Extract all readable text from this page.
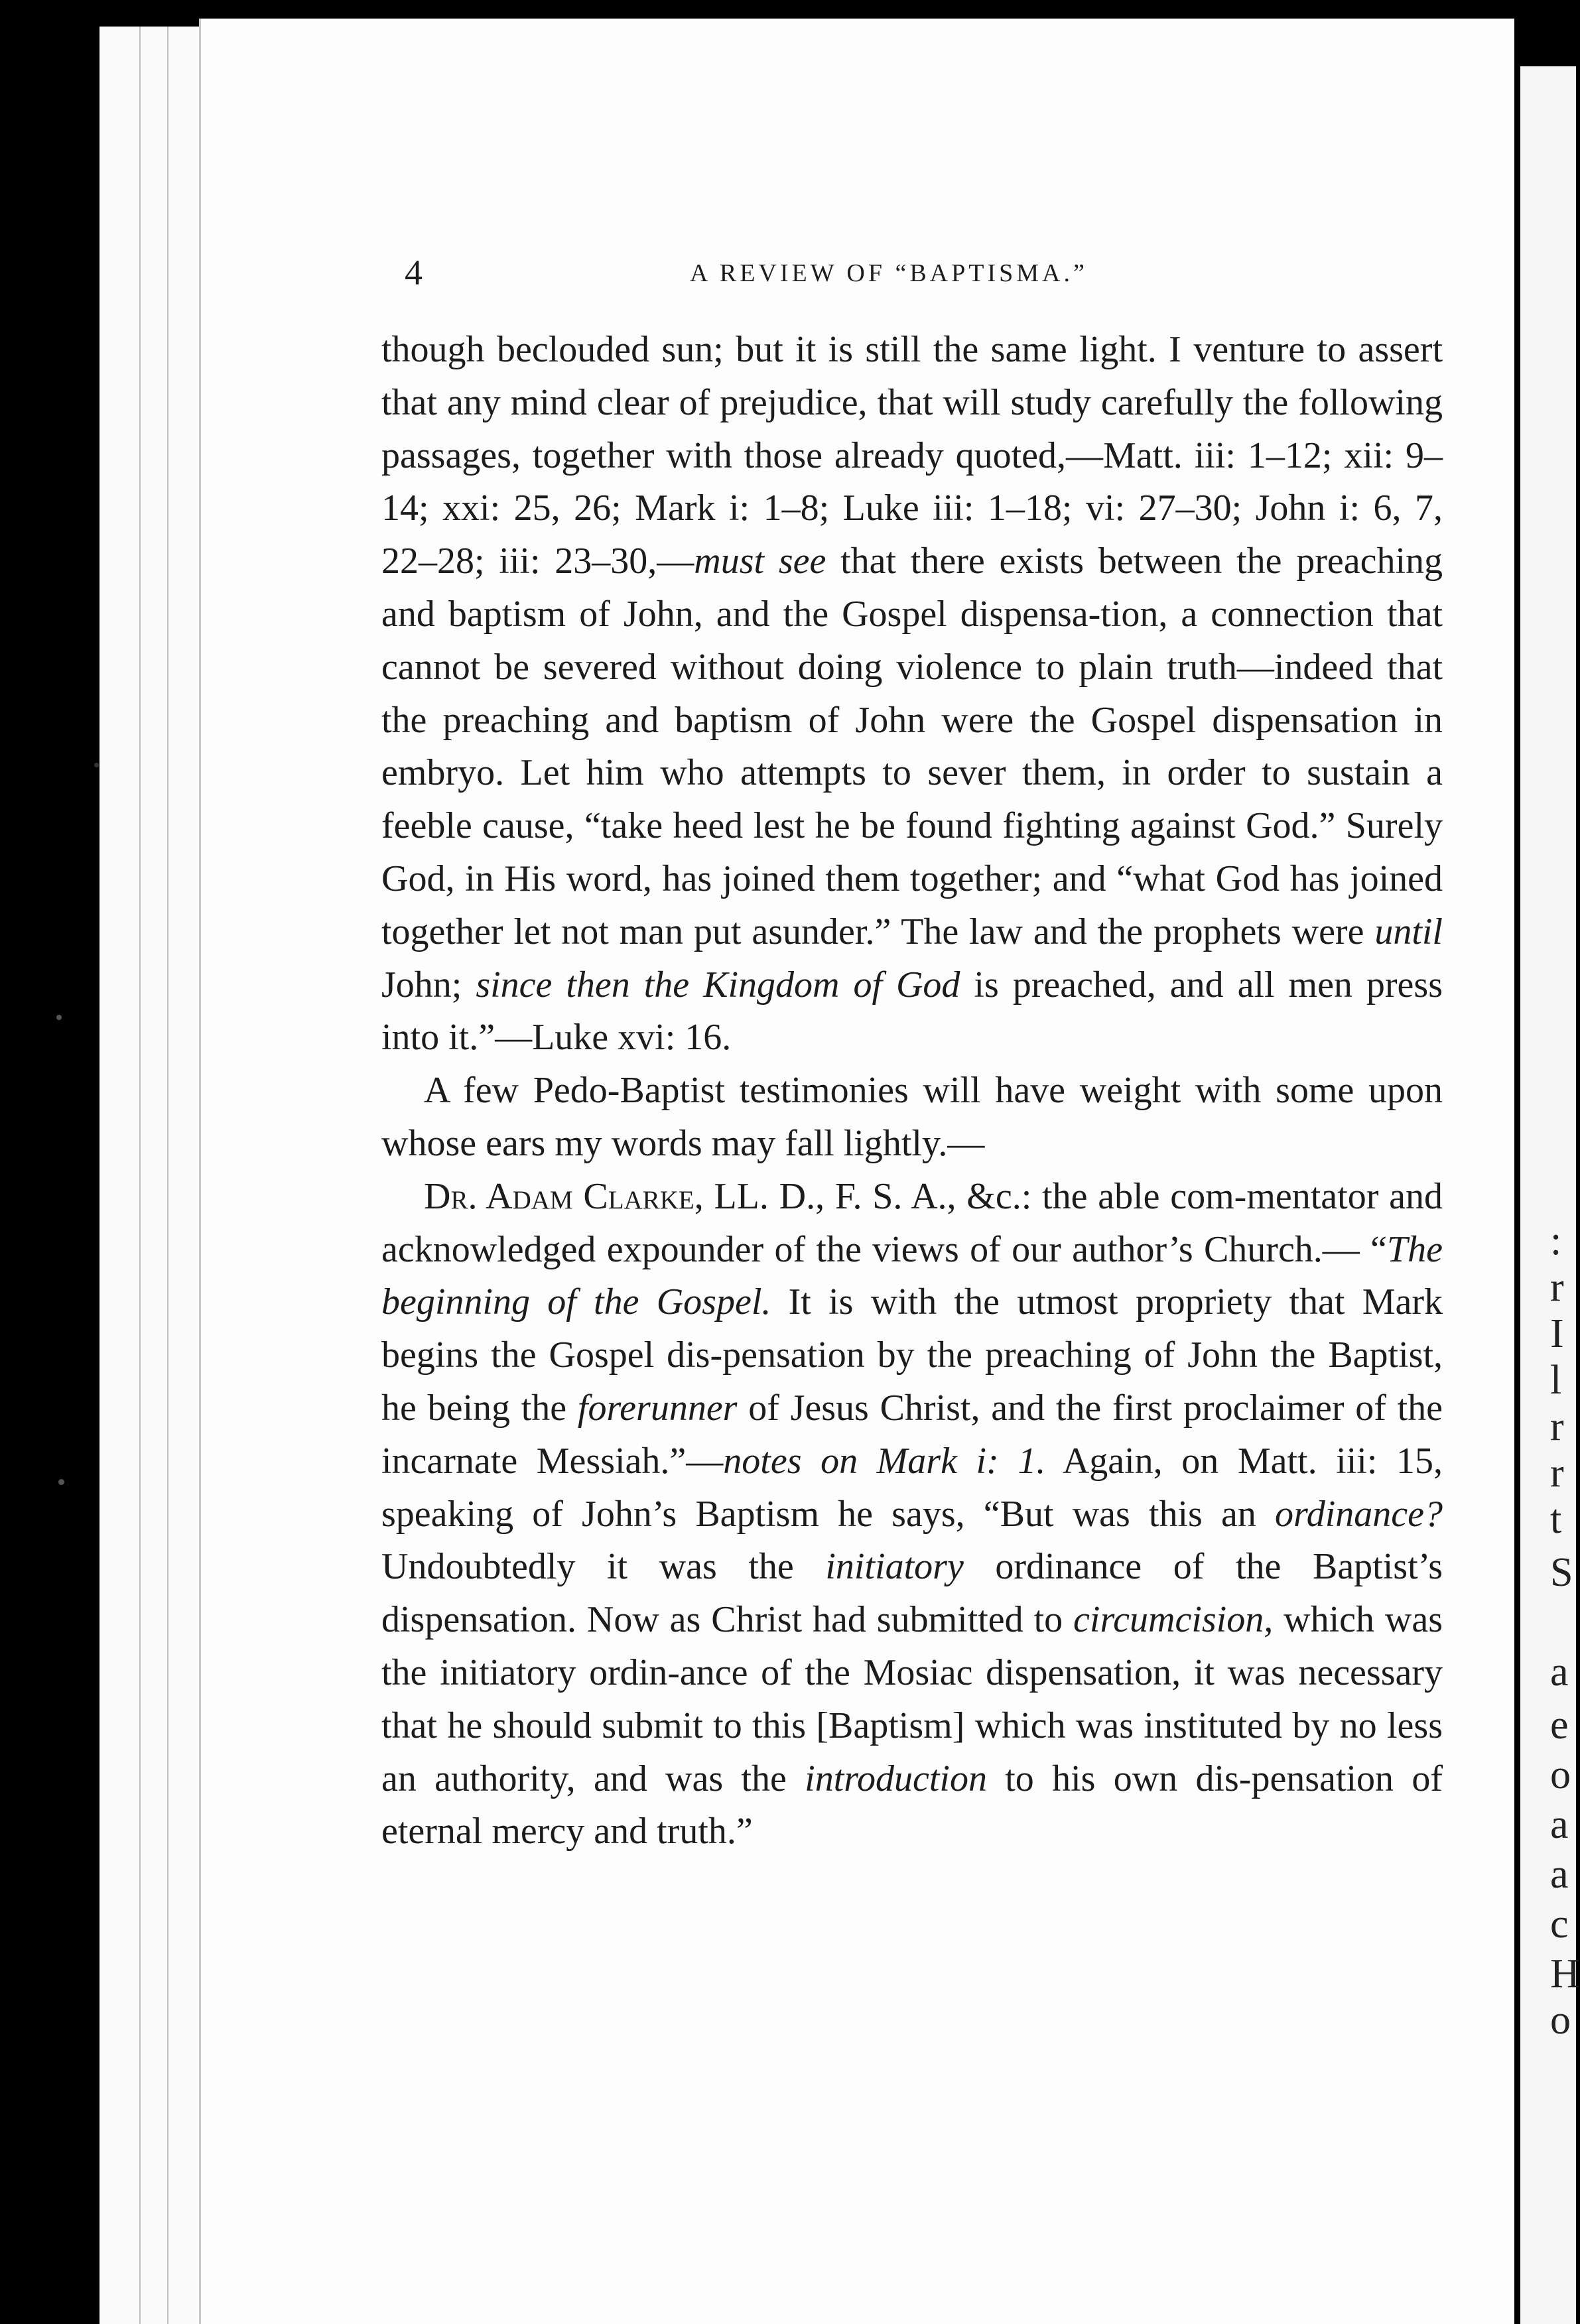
4	A REVIEW OF “BAPTISMA.”

though beclouded sun; but it is still the same light. I venture to assert that any mind clear of prejudice, that will study carefully the following passages, together with those already quoted,—Matt. iii: 1–12; xii: 9–14; xxi: 25, 26; Mark i: 1–8; Luke iii: 1–18; vi: 27–30; John i: 6, 7, 22–28; iii: 23–30,—must see that there exists between the preaching and baptism of John, and the Gospel dispensa-tion, a connection that cannot be severed without doing violence to plain truth—indeed that the preaching and baptism of John were the Gospel dispensation in embryo. Let him who attempts to sever them, in order to sustain a feeble cause, “take heed lest he be found fighting against God.” Surely God, in His word, has joined them together; and “what God has joined together let not man put asunder.” The law and the prophets were until John; since then the Kingdom of God is preached, and all men press into it.”—Luke xvi: 16.

A few Pedo-Baptist testimonies will have weight with some upon whose ears my words may fall lightly.—

Dr. Adam Clarke, LL. D., F. S. A., &c.: the able com-mentator and acknowledged expounder of the views of our author’s Church.— “The beginning of the Gospel. It is with the utmost propriety that Mark begins the Gospel dis-pensation by the preaching of John the Baptist, he being the forerunner of Jesus Christ, and the first proclaimer of the incarnate Messiah.”—notes on Mark i: 1. Again, on Matt. iii: 15, speaking of John’s Baptism he says, “But was this an ordinance? Undoubtedly it was the initiatory ordinance of the Baptist’s dispensation. Now as Christ had submitted to circumcision, which was the initiatory ordin-ance of the Mosiac dispensation, it was necessary that he should submit to this [Baptism] which was instituted by no less an authority, and was the introduction to his own dis-pensation of eternal mercy and truth.”

:
r
I
l
r
r
t
S
a
e
o
a
a
c
H
o
